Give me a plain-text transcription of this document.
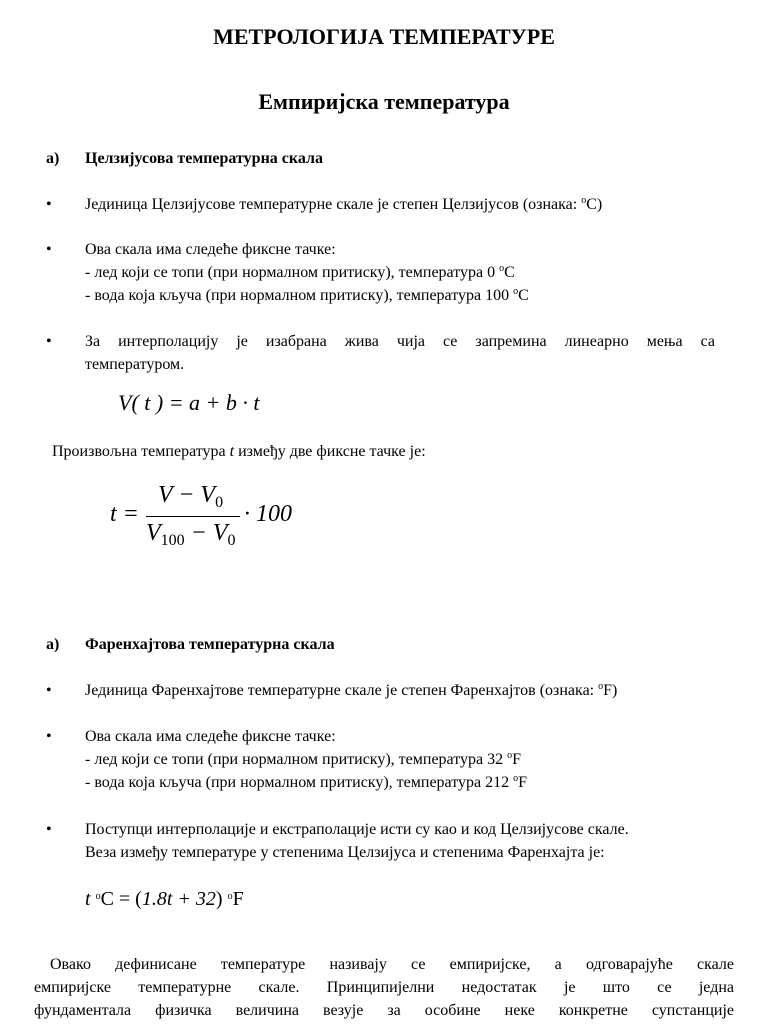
МЕТРОЛОГИЈА ТЕМПЕРАТУРЕ
Емпиријска температура
a) Целзијусова температурна скала
• Јединица Целзијусове температурне скале је степен Целзијусов (ознака: $^o$C)
• Ова скала има следеће фиксне тачке:
- лед који се топи (при нормалном притиску), температура 0 $^o$C
- вода која кључа (при нормалном притиску), температура 100 $^o$C
• За интерполацију је изабрана жива чија се запремина линеарно мења са
температуром.
V( t ) = a + b · t
Произвољна температура t између две фиксне тачке је:
t =
$V - V_0$
$V_{100} - V_0$
· 100
a) Фаренхајтова температурна скала
• Јединица Фаренхајтове температурне скале је степен Фаренхајтов (ознака: $^o$F)
• Ова скала има следеће фиксне тачке:
- лед који се топи (при нормалном притиску), температура 32 $^o$F
- вода која кључа (при нормалном притиску), температура 212 $^o$F
• Поступци интерполације и екстраполације исти су као и код Целзијусове скале.
Веза између температуре у степенима Целзијуса и степенима Фаренхајта је:
t $^o$C = (1.8t + 32) $^o$F
Овако дефинисане температуре називају се емпиријске, а одговарајуће скале
емпиријске температурне скале. Принципијелни недостатак је што се једна
фундаментала физичка величина везује за особине неке конкретне супстанције
